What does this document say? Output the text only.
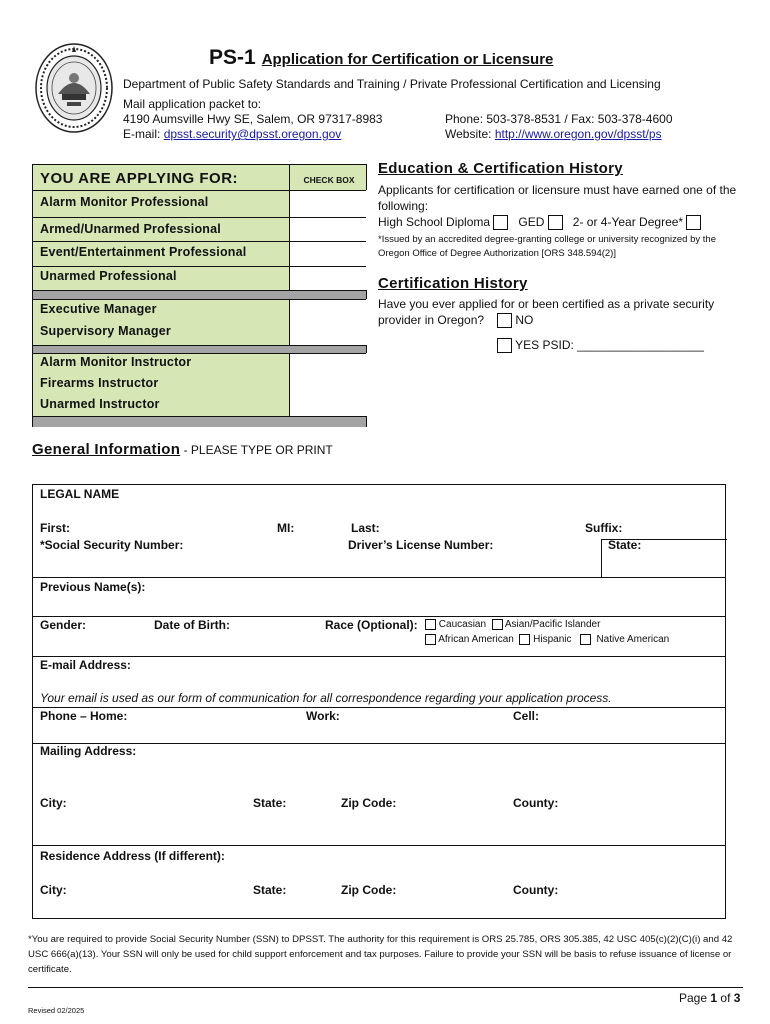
PS-1 Application for Certification or Licensure
Department of Public Safety Standards and Training / Private Professional Certification and Licensing
Mail application packet to:
4190 Aumsville Hwy SE, Salem, OR 97317-8983
E-mail: dpsst.security@dpsst.oregon.gov
Phone: 503-378-8531 / Fax: 503-378-4600
Website: http://www.oregon.gov/dpsst/ps
YOU ARE APPLYING FOR:	CHECK BOX
Alarm Monitor Professional
Armed/Unarmed Professional
Event/Entertainment Professional
Unarmed Professional
Executive Manager
Supervisory Manager
Alarm Monitor Instructor
Firearms Instructor
Unarmed Instructor
Education & Certification History
Applicants for certification or licensure must have earned one of the following:
High School Diploma GED 2- or 4-Year Degree*
*Issued by an accredited degree-granting college or university recognized by the Oregon Office of Degree Authorization [ORS 348.594(2)]
Certification History
Have you ever applied for or been certified as a private security provider in Oregon?	NO
YES PSID: ___________________
General Information - PLEASE TYPE OR PRINT
LEGAL NAME
First:	MI:	Last:	Suffix:
*Social Security Number:	Driver’s License Number:	State:
Previous Name(s):
Gender:	Date of Birth:	Race (Optional):	Caucasian Asian/Pacific Islander
African American Hispanic Native American
E-mail Address:
Your email is used as our form of communication for all correspondence regarding your application process.
Phone – Home:	Work:	Cell:
Mailing Address:
City:	State:	Zip Code:	County:
Residence Address (If different):
City:	State:	Zip Code:	County:
*You are required to provide Social Security Number (SSN) to DPSST. The authority for this requirement is ORS 25.785, ORS 305.385, 42 USC 405(c)(2)(C)(i) and 42 USC 666(a)(13). Your SSN will only be used for child support enforcement and tax purposes. Failure to provide your SSN will be basis to refuse issuance of license or certificate.
Revised 02/2025
Page 1 of 3
